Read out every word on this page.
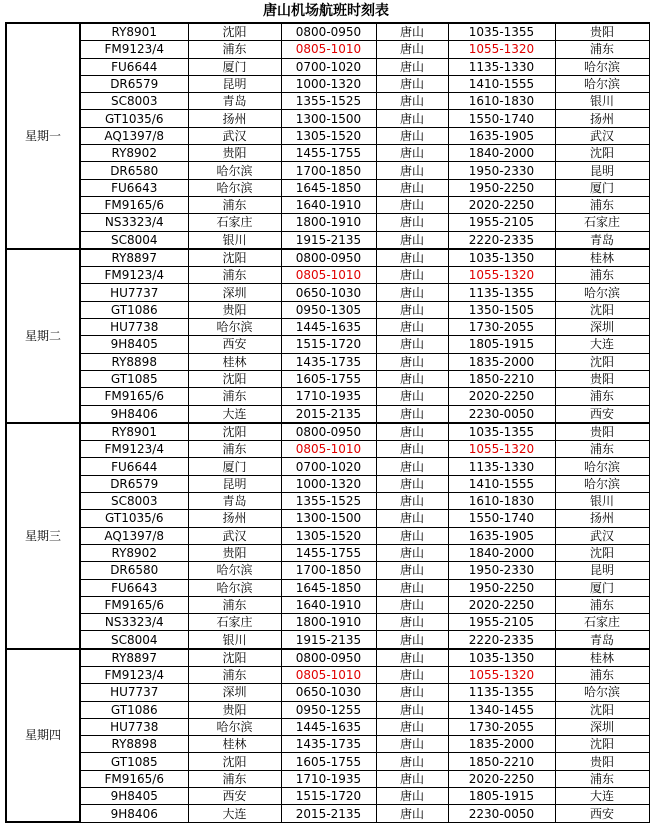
唐山机场航班时刻表
星期一	RY8901	沈阳	0800-0950	唐山	1035-1355	贵阳
	FM9123/4	浦东	0805-1010	唐山	1055-1320	浦东
	FU6644	厦门	0700-1020	唐山	1135-1330	哈尔滨
	DR6579	昆明	1000-1320	唐山	1410-1555	哈尔滨
	SC8003	青岛	1355-1525	唐山	1610-1830	银川
	GT1035/6	扬州	1300-1500	唐山	1550-1740	扬州
	AQ1397/8	武汉	1305-1520	唐山	1635-1905	武汉
	RY8902	贵阳	1455-1755	唐山	1840-2000	沈阳
	DR6580	哈尔滨	1700-1850	唐山	1950-2330	昆明
	FU6643	哈尔滨	1645-1850	唐山	1950-2250	厦门
	FM9165/6	浦东	1640-1910	唐山	2020-2250	浦东
	NS3323/4	石家庄	1800-1910	唐山	1955-2105	石家庄
	SC8004	银川	1915-2135	唐山	2220-2335	青岛
星期二	RY8897	沈阳	0800-0950	唐山	1035-1350	桂林
	FM9123/4	浦东	0805-1010	唐山	1055-1320	浦东
	HU7737	深圳	0650-1030	唐山	1135-1355	哈尔滨
	GT1086	贵阳	0950-1305	唐山	1350-1505	沈阳
	HU7738	哈尔滨	1445-1635	唐山	1730-2055	深圳
	9H8405	西安	1515-1720	唐山	1805-1915	大连
	RY8898	桂林	1435-1735	唐山	1835-2000	沈阳
	GT1085	沈阳	1605-1755	唐山	1850-2210	贵阳
	FM9165/6	浦东	1710-1935	唐山	2020-2250	浦东
	9H8406	大连	2015-2135	唐山	2230-0050	西安
星期三	RY8901	沈阳	0800-0950	唐山	1035-1355	贵阳
	FM9123/4	浦东	0805-1010	唐山	1055-1320	浦东
	FU6644	厦门	0700-1020	唐山	1135-1330	哈尔滨
	DR6579	昆明	1000-1320	唐山	1410-1555	哈尔滨
	SC8003	青岛	1355-1525	唐山	1610-1830	银川
	GT1035/6	扬州	1300-1500	唐山	1550-1740	扬州
	AQ1397/8	武汉	1305-1520	唐山	1635-1905	武汉
	RY8902	贵阳	1455-1755	唐山	1840-2000	沈阳
	DR6580	哈尔滨	1700-1850	唐山	1950-2330	昆明
	FU6643	哈尔滨	1645-1850	唐山	1950-2250	厦门
	FM9165/6	浦东	1640-1910	唐山	2020-2250	浦东
	NS3323/4	石家庄	1800-1910	唐山	1955-2105	石家庄
	SC8004	银川	1915-2135	唐山	2220-2335	青岛
星期四	RY8897	沈阳	0800-0950	唐山	1035-1350	桂林
	FM9123/4	浦东	0805-1010	唐山	1055-1320	浦东
	HU7737	深圳	0650-1030	唐山	1135-1355	哈尔滨
	GT1086	贵阳	0950-1255	唐山	1340-1455	沈阳
	HU7738	哈尔滨	1445-1635	唐山	1730-2055	深圳
	RY8898	桂林	1435-1735	唐山	1835-2000	沈阳
	GT1085	沈阳	1605-1755	唐山	1850-2210	贵阳
	FM9165/6	浦东	1710-1935	唐山	2020-2250	浦东
	9H8405	西安	1515-1720	唐山	1805-1915	大连
	9H8406	大连	2015-2135	唐山	2230-0050	西安
